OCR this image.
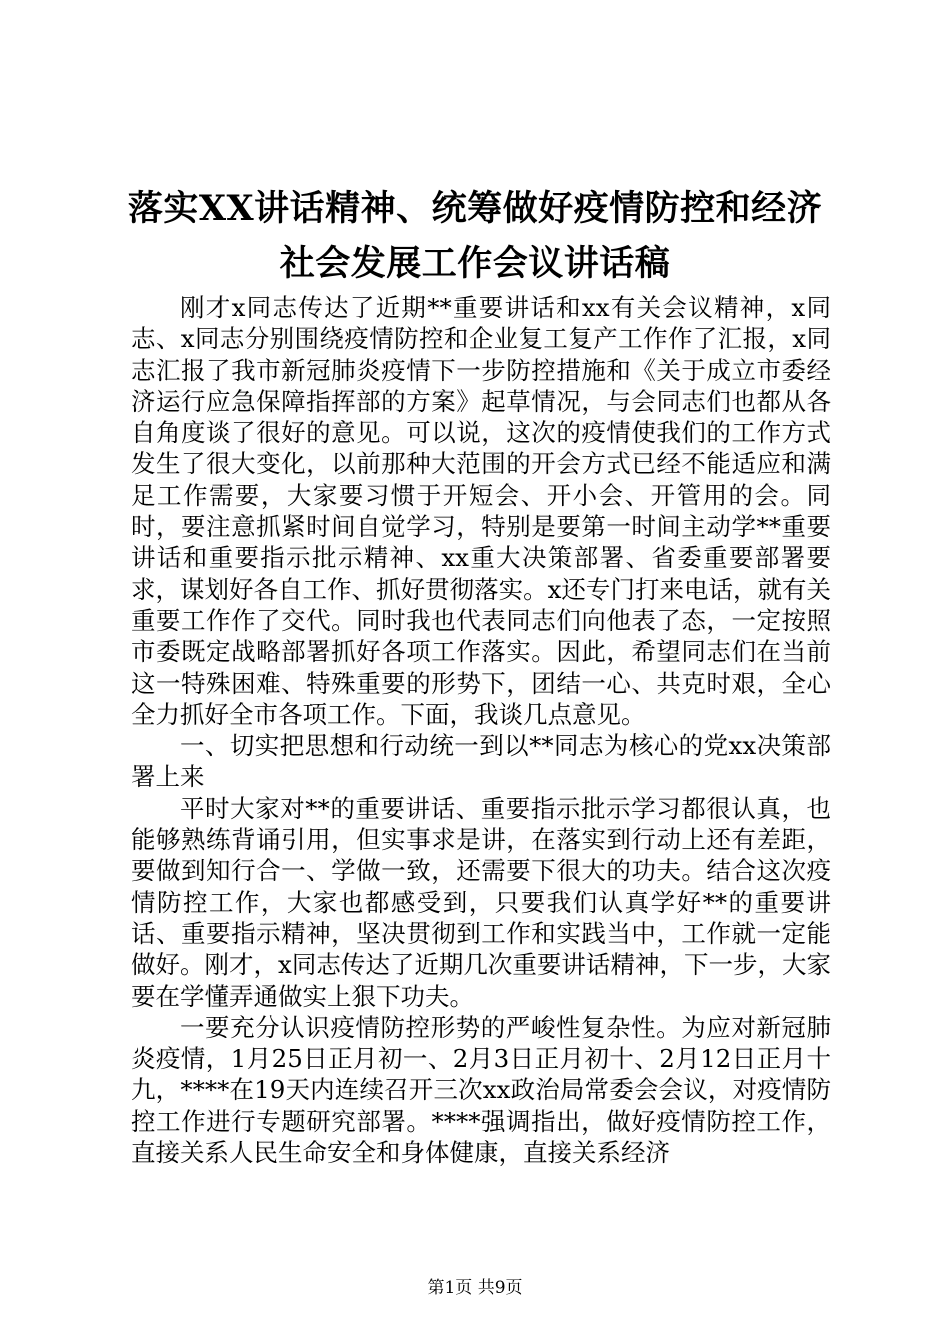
落实XX讲话精神、统筹做好疫情防控和经济
社会发展工作会议讲话稿

刚才x同志传达了近期**重要讲话和xx有关会议精神，x同志、x同志分别围绕疫情防控和企业复工复产工作作了汇报，x同志汇报了我市新冠肺炎疫情下一步防控措施和《关于成立市委经济运行应急保障指挥部的方案》起草情况，与会同志们也都从各自角度谈了很好的意见。可以说，这次的疫情使我们的工作方式发生了很大变化，以前那种大范围的开会方式已经不能适应和满足工作需要，大家要习惯于开短会、开小会、开管用的会。同时，要注意抓紧时间自觉学习，特别是要第一时间主动学**重要讲话和重要指示批示精神、xx重大决策部署、省委重要部署要求，谋划好各自工作、抓好贯彻落实。x还专门打来电话，就有关重要工作作了交代。同时我也代表同志们向他表了态，一定按照市委既定战略部署抓好各项工作落实。因此，希望同志们在当前这一特殊困难、特殊重要的形势下，团结一心、共克时艰，全心全力抓好全市各项工作。下面，我谈几点意见。

一、切实把思想和行动统一到以**同志为核心的党xx决策部署上来

平时大家对**的重要讲话、重要指示批示学习都很认真，也能够熟练背诵引用，但实事求是讲，在落实到行动上还有差距，要做到知行合一、学做一致，还需要下很大的功夫。结合这次疫情防控工作，大家也都感受到，只要我们认真学好**的重要讲话、重要指示精神，坚决贯彻到工作和实践当中，工作就一定能做好。刚才，x同志传达了近期几次重要讲话精神，下一步，大家要在学懂弄通做实上狠下功夫。

一要充分认识疫情防控形势的严峻性复杂性。为应对新冠肺炎疫情，1月25日正月初一、2月3日正月初十、2月12日正月十九，****在19天内连续召开三次xx政治局常委会会议，对疫情防控工作进行专题研究部署。****强调指出，做好疫情防控工作，直接关系人民生命安全和身体健康，直接关系经济

第1页 共9页
